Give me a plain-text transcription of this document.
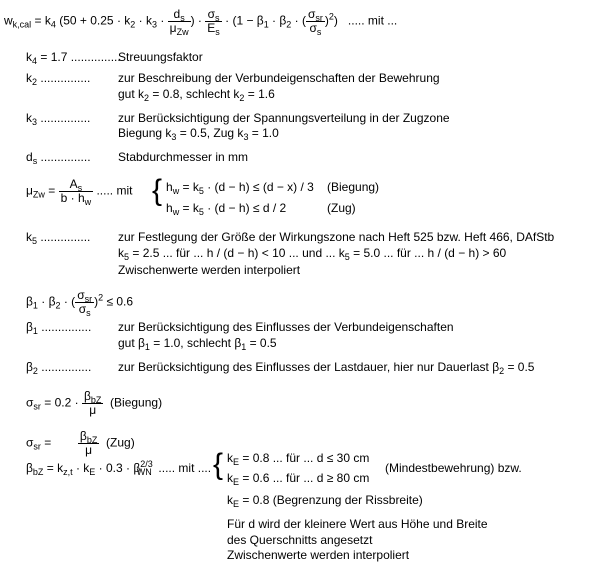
$w_{k,cal} = k_4$ ($50 + 0.25 \cdot k_2 \cdot k_3 \cdot \frac{d_s}{\mu_{Zw}}$ ) · $\frac{\sigma_s}{E_s} \cdot (1 - \beta_1 \cdot \beta_2$ · ( $\frac{\sigma_{sr}}{\sigma_s} )^2$)   ..... mit ...
$k_4 = 1.7$ ...............
Streuungsfaktor
$k_2$ ............... zur Beschreibung der Verbundeigenschaften der Bewehrung
gut $k_2 = 0.8$, schlecht $k_2 = 1.6$
$k_3$ ............... zur Berücksichtigung der Spannungsverteilung in der Zugzone
Biegung $k_3 = 0.5$, Zug $k_3 = 1.0$
$d_s$ ............... Stabdurchmesser in mm
$\mu_{Zw} = \frac{A_s}{b \cdot h_w}$ ..... mit { $h_w = k_5 \cdot (d - h) \le (d - x) / 3$ (Biegung)
$h_w = k_5 \cdot (d - h) \le d / 2$	(Zug)
$k_5$ ............... zur Festlegung der Größe der Wirkungszone nach Heft 525 bzw. Heft 466, DAfStb
$k_5 = 2.5$ ... für ... h / (d − h) < 10 ... und ... $k_5 = 5.0$ ... für ... h / (d − h) > 60
Zwischenwerte werden interpoliert
$\beta_1 \cdot \beta_2$ · ( $\frac{\sigma_{sr}}{\sigma_s} )^2 \le 0.6$
$\beta_1$ ............... zur Berücksichtigung des Einflusses der Verbundeigenschaften
gut $\beta_1 = 1.0$, schlecht $\beta_1 = 0.5$
$\beta_2$ ............... zur Berücksichtigung des Einflusses der Lastdauer, hier nur Dauerlast $\beta_2 = 0.5$
$\sigma_{sr} = 0.2 \cdot \frac{\beta_{bZ}}{\mu}$ (Biegung)
$\sigma_{sr} = \frac{\beta_{bZ}}{\mu} (Zug)$
$\beta_{bZ} = k_{z,t} \cdot k_E \cdot 0.3 \cdot \beta^{2/3}_{WN}$ ..... mit .... { $k_E = 0.8$ ... für ... d ≤ 30 cm
$k_E = 0.6$ ... für ... d ≥ 80 cm
(Mindestbewehrung) bzw.
$k_E = 0.8$ (Begrenzung der Rissbreite)
Für d wird der kleinere Wert aus Höhe und Breite
des Querschnitts angesetzt
Zwischenwerte werden interpoliert
